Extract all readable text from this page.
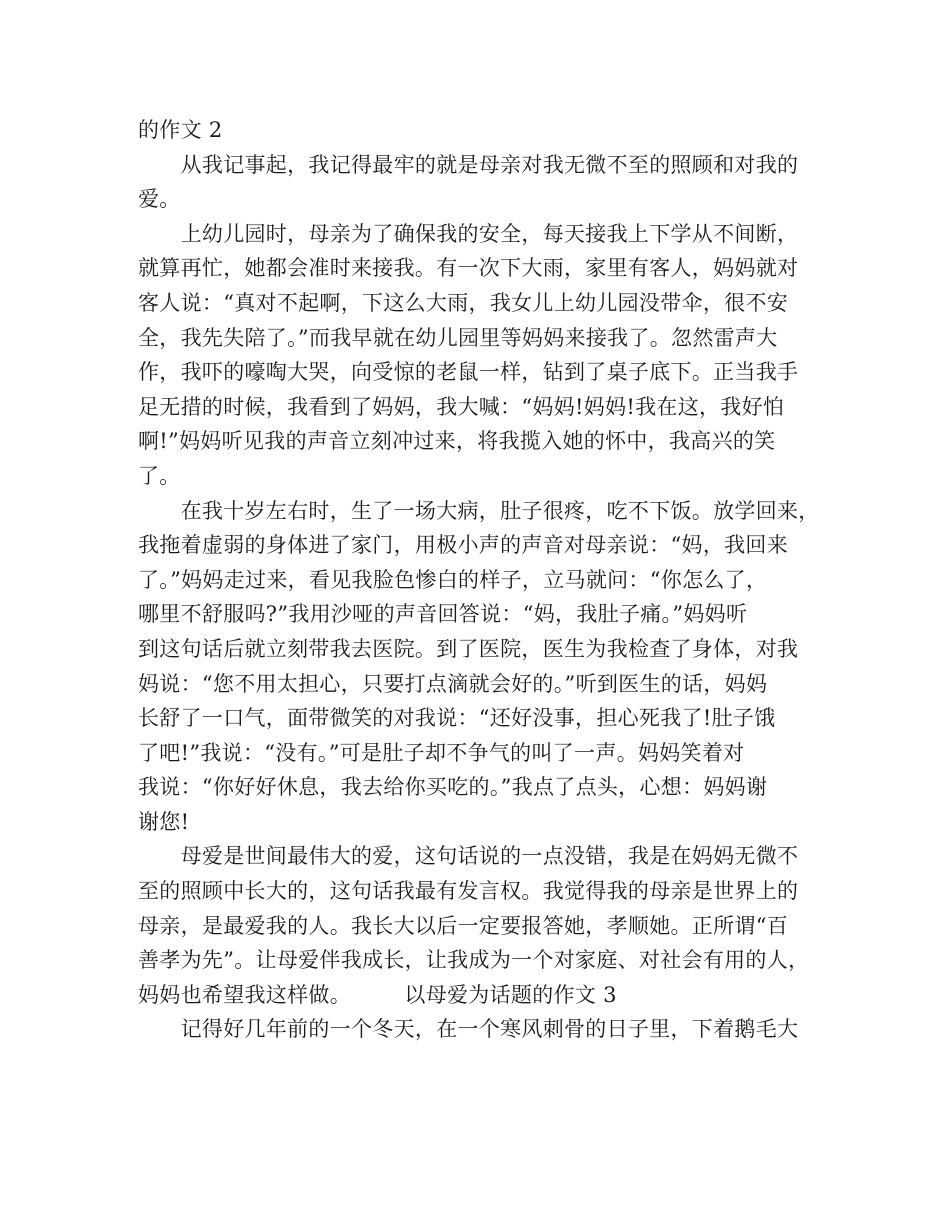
的作文 2
　　从我记事起，我记得最牢的就是母亲对我无微不至的照顾和对我的
爱。
　　上幼儿园时，母亲为了确保我的安全，每天接我上下学从不间断，
就算再忙，她都会准时来接我。有一次下大雨，家里有客人，妈妈就对
客人说：“真对不起啊，下这么大雨，我女儿上幼儿园没带伞，很不安
全，我先失陪了。”而我早就在幼儿园里等妈妈来接我了。忽然雷声大
作，我吓的嚎啕大哭，向受惊的老鼠一样，钻到了桌子底下。正当我手
足无措的时候，我看到了妈妈，我大喊：“妈妈!妈妈!我在这，我好怕
啊!”妈妈听见我的声音立刻冲过来，将我揽入她的怀中，我高兴的笑
了。
　　在我十岁左右时，生了一场大病，肚子很疼，吃不下饭。放学回来，
我拖着虚弱的身体进了家门，用极小声的声音对母亲说：“妈，我回来
了。”妈妈走过来，看见我脸色惨白的样子，立马就问：“你怎么了，
哪里不舒服吗?”我用沙哑的声音回答说：“妈，我肚子痛。”妈妈听
到这句话后就立刻带我去医院。到了医院，医生为我检查了身体，对我
妈说：“您不用太担心，只要打点滴就会好的。”听到医生的话，妈妈
长舒了一口气，面带微笑的对我说：“还好没事，担心死我了!肚子饿
了吧!”我说：“没有。”可是肚子却不争气的叫了一声。妈妈笑着对
我说：“你好好休息，我去给你买吃的。”我点了点头，心想：妈妈谢
谢您!
　　母爱是世间最伟大的爱，这句话说的一点没错，我是在妈妈无微不
至的照顾中长大的，这句话我最有发言权。我觉得我的母亲是世界上的
母亲，是最爱我的人。我长大以后一定要报答她，孝顺她。正所谓“百
善孝为先”。让母爱伴我成长，让我成为一个对家庭、对社会有用的人，
妈妈也希望我这样做。　　　以母爱为话题的作文 3
　　记得好几年前的一个冬天，在一个寒风刺骨的日子里，下着鹅毛大
